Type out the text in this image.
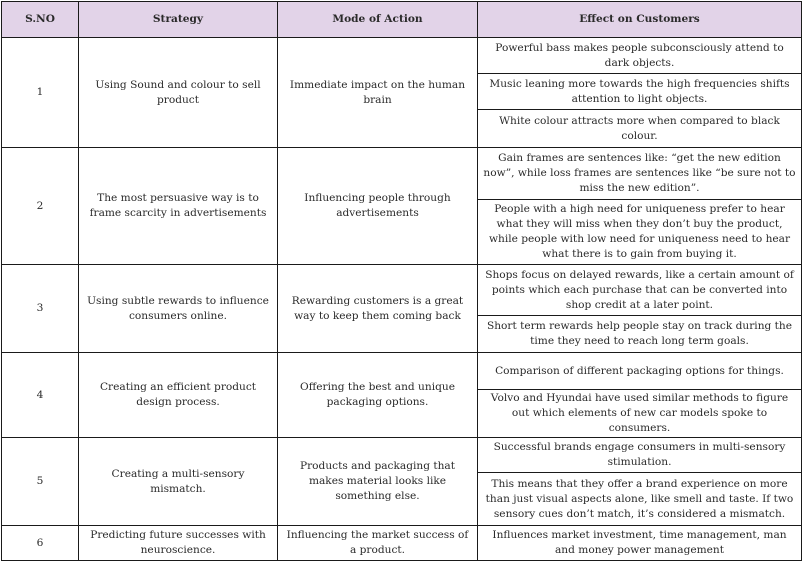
S.NO	Strategy	Mode of Action	Effect on Customers
1	Using Sound and colour to sell product	Immediate impact on the human brain	Powerful bass makes people subconsciously attend to dark objects.
			Music leaning more towards the high frequencies shifts attention to light objects.
			White colour attracts more when compared to black colour.
2	The most persuasive way is to frame scarcity in advertisements	Influencing people through advertisements	Gain frames are sentences like: “get the new edition now”, while loss frames are sentences like “be sure not to miss the new edition”.
			People with a high need for uniqueness prefer to hear what they will miss when they don’t buy the product, while people with low need for uniqueness need to hear what there is to gain from buying it.
3	Using subtle rewards to influence consumers online.	Rewarding customers is a great way to keep them coming back	Shops focus on delayed rewards, like a certain amount of points which each purchase that can be converted into shop credit at a later point.
			Short term rewards help people stay on track during the time they need to reach long term goals.
4	Creating an efficient product design process.	Offering the best and unique packaging options.	Comparison of different packaging options for things.
			Volvo and Hyundai have used similar methods to figure out which elements of new car models spoke to consumers.
5	Creating a multi-sensory mismatch.	Products and packaging that makes material looks like something else.	Successful brands engage consumers in multi-sensory stimulation.
			This means that they offer a brand experience on more than just visual aspects alone, like smell and taste. If two sensory cues don’t match, it’s considered a mismatch.
6	Predicting future successes with neuroscience.	Influencing the market success of a product.	Influences market investment, time management, man and money power management
